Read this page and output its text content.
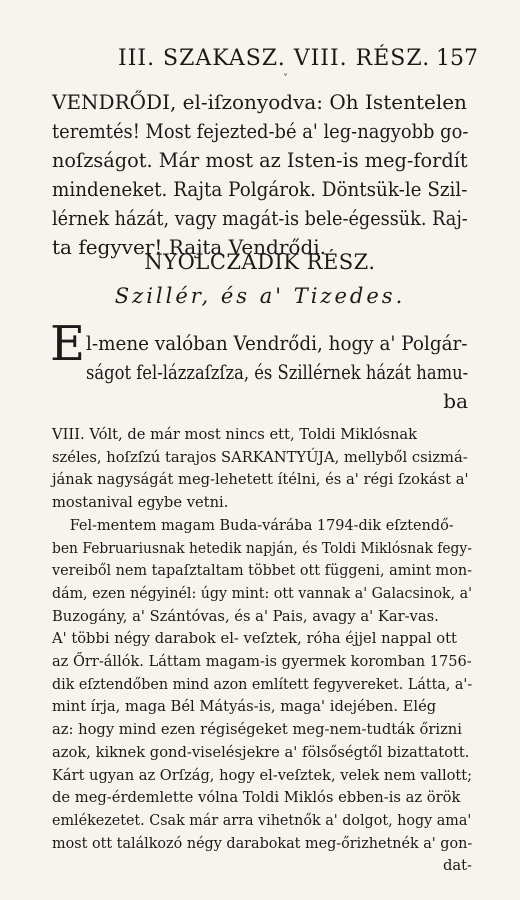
III. SZAKASZ. VIII. RÉSZ. 157
ˇ
VENDRŐDI, el-iſzonyodva: Oh Istentelen
teremtés! Most fejezted-bé a' leg-nagyobb go-
noſzságot. Már most az Isten-is meg-fordít
mindeneket. Rajta Polgárok. Döntsük-le Szil-
lérnek házát, vagy magát-is bele-égessük. Raj-
ta fegyver! Rajta Vendrődi.
NYOLCZADIK RÉSZ.
Szillér, és a' Tizedes.
E l-mene valóban Vendrődi, hogy a' Polgár-
ságot fel-lázzaſzſza, és Szillérnek házát hamu-
ba
VIII. Vólt, de már most nincs ett, Toldi Miklósnak
széles, hoſzſzú tarajos SARKANTYÚJA, mellyből csizmá-
jának nagyságát meg-lehetett ítélni, és a' régi ſzokást a'
mostanival egybe vetni.
Fel-mentem magam Buda-várába 1794-dik eſztendő-
ben Februariusnak hetedik napján, és Toldi Miklósnak fegy-
vereiből nem tapaſztaltam többet ott függeni, amint mon-
dám, ezen négyinél: úgy mint: ott vannak a' Galacsinok, a'
Buzogány, a' Szántóvas, és a' Pais, avagy a' Kar-vas.
A' többi négy darabok el- veſztek, róha éjjel nappal ott
az Őrr-állók. Láttam magam-is gyermek koromban 1756-
dik eſztendőben mind azon említett fegyvereket. Látta, a'-
mint írja, maga Bél Mátyás-is, maga' idejében. Elég
az: hogy mind ezen régiségeket meg-nem-tudták őrizni
azok, kiknek gond-viselésjekre a' fölsőségtől bizattatott.
Kárt ugyan az Orſzág, hogy el-veſztek, velek nem vallott;
de meg-érdemlette vólna Toldi Miklós ebben-is az örök
emlékezetet. Csak már arra vihetnők a' dolgot, hogy ama'
most ott találkozó négy darabokat meg-őrizhetnék a' gon-
dat-
